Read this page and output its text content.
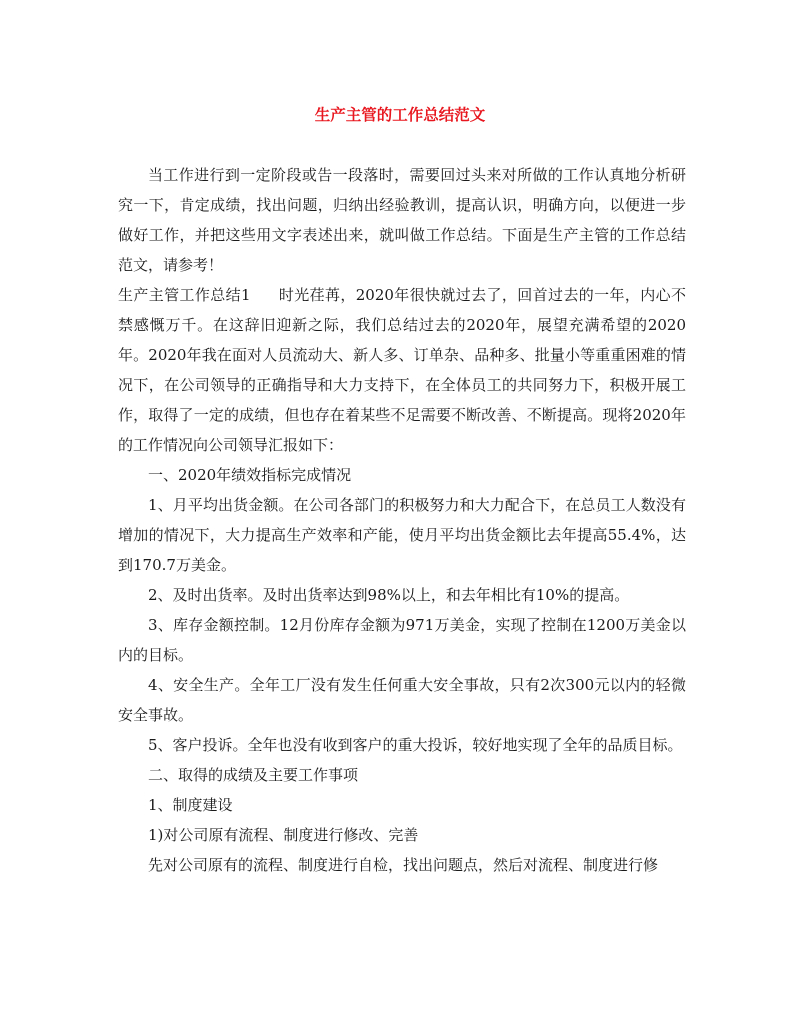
生产主管的工作总结范文

当工作进行到一定阶段或告一段落时，需要回过头来对所做的工作认真地分析研究一下，肯定成绩，找出问题，归纳出经验教训，提高认识，明确方向，以便进一步做好工作，并把这些用文字表述出来，就叫做工作总结。下面是生产主管的工作总结范文，请参考！

生产主管工作总结1 时光荏苒，2020年很快就过去了，回首过去的一年，内心不禁感慨万千。在这辞旧迎新之际，我们总结过去的2020年，展望充满希望的2020年。2020年我在面对人员流动大、新人多、订单杂、品种多、批量小等重重困难的情况下，在公司领导的正确指导和大力支持下，在全体员工的共同努力下，积极开展工作，取得了一定的成绩，但也存在着某些不足需要不断改善、不断提高。现将2020年的工作情况向公司领导汇报如下：

一、2020年绩效指标完成情况

1、月平均出货金额。在公司各部门的积极努力和大力配合下，在总员工人数没有增加的情况下，大力提高生产效率和产能，使月平均出货金额比去年提高55.4%，达到170.7万美金。

2、及时出货率。及时出货率达到98%以上，和去年相比有10%的提高。

3、库存金额控制。12月份库存金额为971万美金，实现了控制在1200万美金以内的目标。

4、安全生产。全年工厂没有发生任何重大安全事故，只有2次300元以内的轻微安全事故。

5、客户投诉。全年也没有收到客户的重大投诉，较好地实现了全年的品质目标。

二、取得的成绩及主要工作事项

1、制度建设

1)对公司原有流程、制度进行修改、完善

先对公司原有的流程、制度进行自检，找出问题点，然后对流程、制度进行修
